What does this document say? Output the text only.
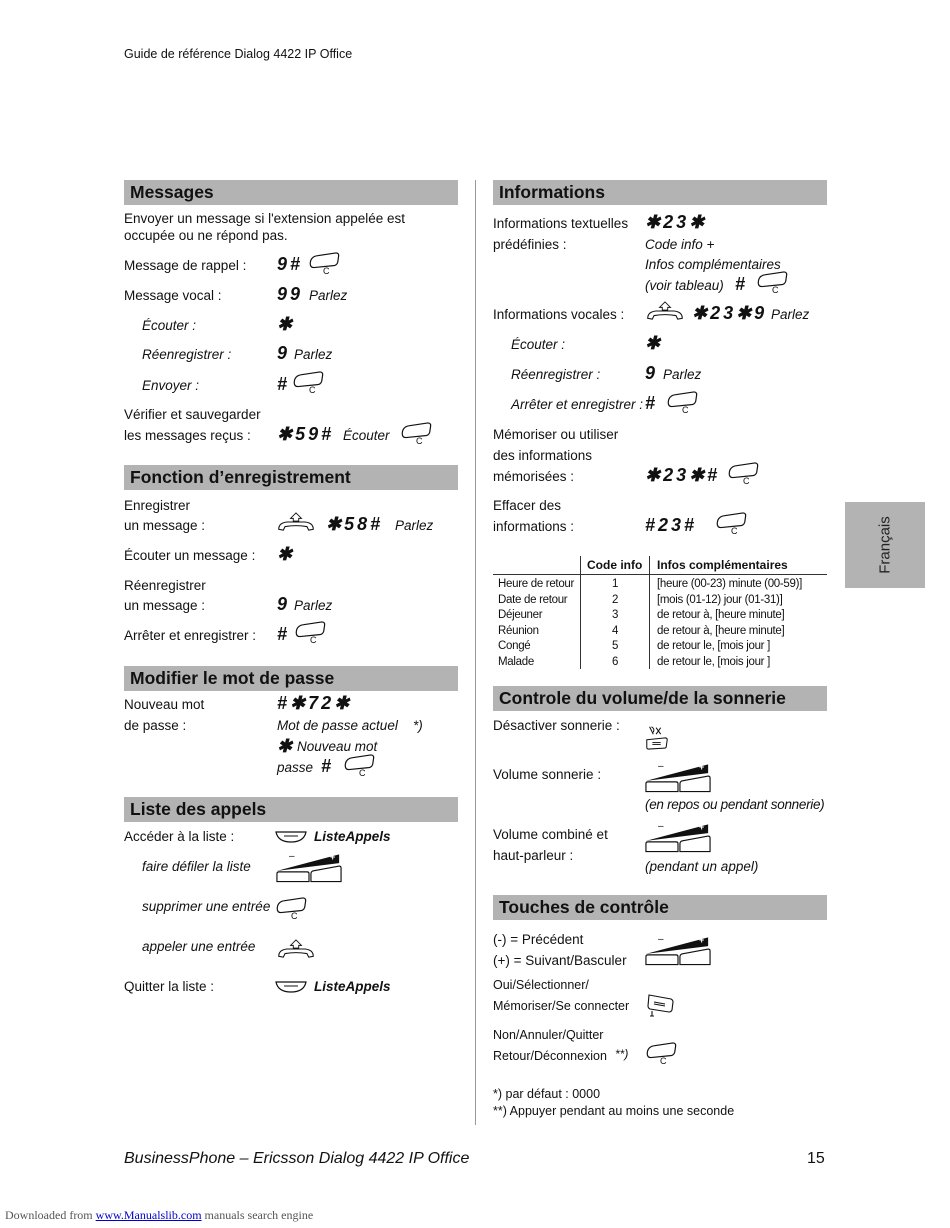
Guide de référence Dialog 4422 IP Office
Messages
Envoyer un message si l'extension appelée est
occupée ou ne répond pas.
Message de rappel : 9# C
Message vocal :	99 Parlez
Écouter :	✱
Réenregistrer :	9 Parlez
Envoyer :	# C
Vérifier et sauvegarder
les messages reçus : ✱59# Écouter	C
Fonction d’enregistrement
Enregistrer
un message :	✱58# Parlez
Écouter un message : ✱
Réenregistrer
un message :	9 Parlez
Arrêter et enregistrer : # C
Modifier le mot de passe
Nouveau mot
de passe :
#✱72✱
Mot de passe actuel *)
✱ Nouveau mot
passe #	C
Liste des appels
Accéder à la liste :	ListeAppels
faire défiler la liste
–	+
supprimer une entrée
C
appeler une entrée
Quitter la liste :	ListeAppels
Informations
Informations textuelles
prédéfinies :
✱23✱
Code info +
Infos complémentaires
(voir tableau) #	C
Informations vocales :	✱23✱9 Parlez
Écouter :	✱
Réenregistrer : 9 Parlez
Arrêter et enregistrer : #	C
Mémoriser ou utiliser
des informations
mémorisées :	✱23✱#	C
Effacer des
informations :	#23#	C
Code info Infos complémentaires
Heure de retour	1	[heure (00-23) minute (00-59)]
Date de retour	2	[mois (01-12) jour (01-31)]
Déjeuner	3	de retour à, [heure minute]
Réunion	4	de retour à, [heure minute]
Congé	5	de retour le, [mois jour ]
Malade	6	de retour le, [mois jour ]
Controle du volume/de la sonnerie
Désactiver sonnerie :
Volume sonnerie :
–	+
(en repos ou pendant sonnerie)
Volume combiné et
haut-parleur :
–	+
(pendant un appel)
Touches de contrôle
(-) = Précédent
(+) = Suivant/Basculer
–	+
Oui/Sélectionner/
Mémoriser/Se connecter
Non/Annuler/Quitter
Retour/Déconnexion **)	C
*) par défaut : 0000
**) Appuyer pendant au moins une seconde
Français
BusinessPhone – Ericsson Dialog 4422 IP Office	15
Downloaded from www.Manualslib.com manuals search engine
